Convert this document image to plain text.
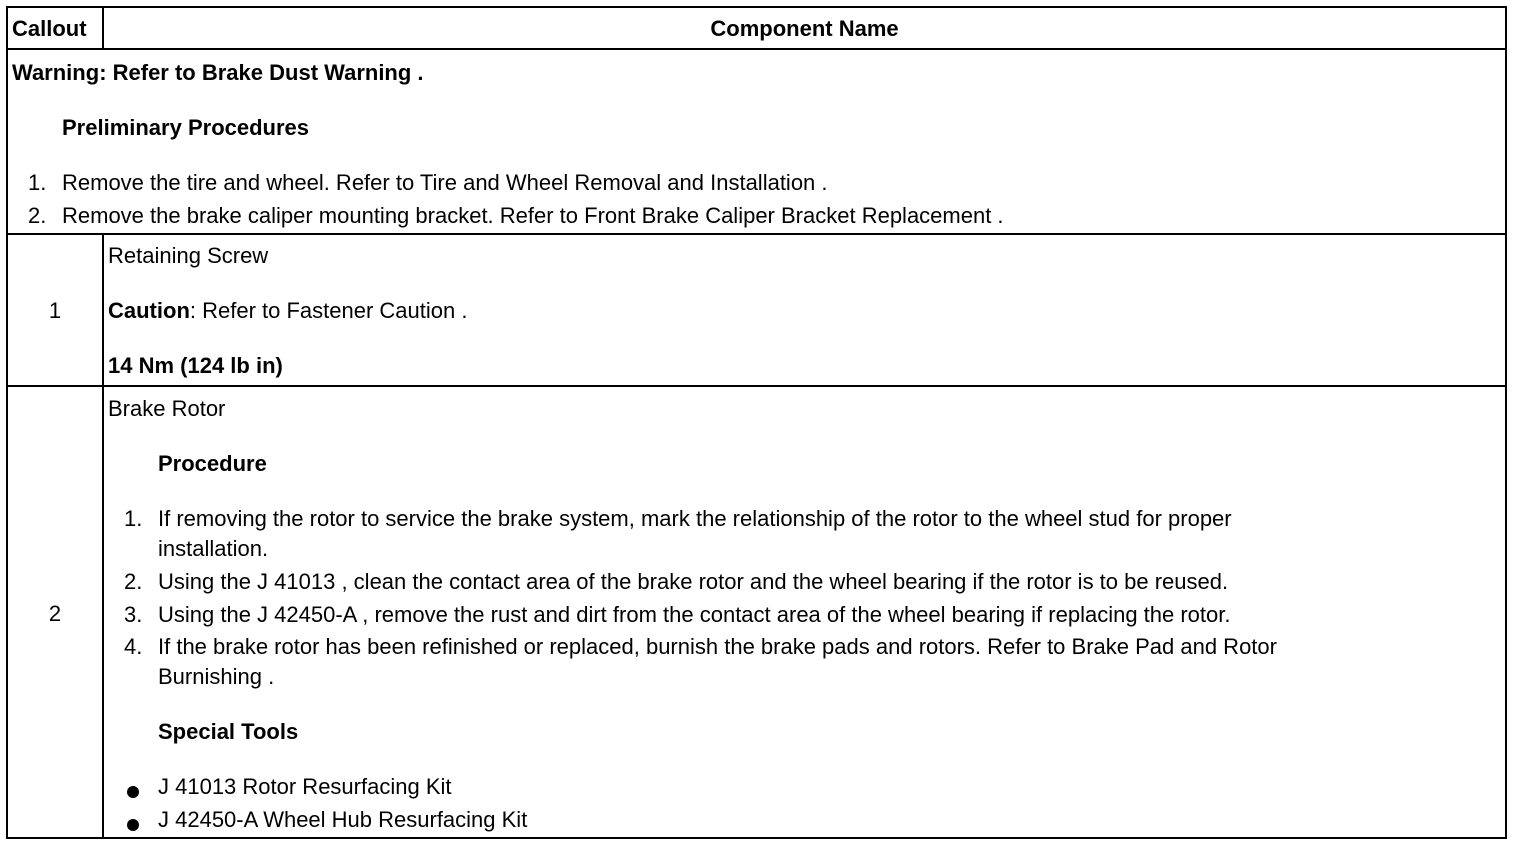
Callout	Component Name
Warning: Refer to Brake Dust Warning .
Preliminary Procedures
1. Remove the tire and wheel. Refer to Tire and Wheel Removal and Installation .
2. Remove the brake caliper mounting bracket. Refer to Front Brake Caliper Bracket Replacement .
1
Retaining Screw
Caution: Refer to Fastener Caution .
14 Nm (124 lb in)
2
Brake Rotor
Procedure
1. If removing the rotor to service the brake system, mark the relationship of the rotor to the wheel stud for proper
installation.
2. Using the J 41013 , clean the contact area of the brake rotor and the wheel bearing if the rotor is to be reused.
3. Using the J 42450-A , remove the rust and dirt from the contact area of the wheel bearing if replacing the rotor.
4. If the brake rotor has been refinished or replaced, burnish the brake pads and rotors. Refer to Brake Pad and Rotor
Burnishing .
Special Tools
J 41013 Rotor Resurfacing Kit
J 42450-A Wheel Hub Resurfacing Kit
